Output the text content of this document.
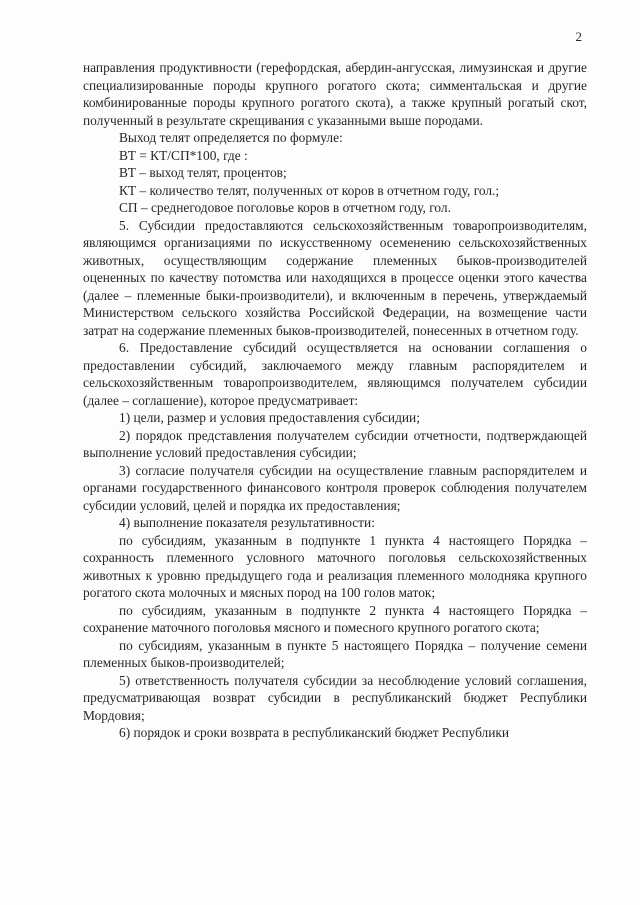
2

направления продуктивности (герефордская, абердин-ангусская, лимузинская и другие специализированные породы крупного рогатого скота; симментальская и другие комбинированные породы крупного рогатого скота), а также крупный рогатый скот, полученный в результате скрещивания с указанными выше породами.

Выход телят определяется по формуле:

ВТ = КТ/СП*100, где :

ВТ – выход телят, процентов;

КТ – количество телят, полученных от коров в отчетном году, гол.;

СП – среднегодовое поголовье коров в отчетном году, гол.

5. Субсидии предоставляются сельскохозяйственным товаропроизводителям, являющимся организациями по искусственному осеменению сельскохозяйственных животных, осуществляющим содержание племенных быков-производителей оцененных по качеству потомства или находящихся в процессе оценки этого качества (далее – племенные быки-производители), и включенным в перечень, утверждаемый Министерством сельского хозяйства Российской Федерации, на возмещение части затрат на содержание племенных быков-производителей, понесенных в отчетном году.

6. Предоставление субсидий осуществляется на основании соглашения о предоставлении субсидий, заключаемого между главным распорядителем и сельскохозяйственным товаропроизводителем, являющимся получателем субсидии (далее – соглашение), которое предусматривает:

1) цели, размер и условия предоставления субсидии;

2) порядок представления получателем субсидии отчетности, подтверждающей выполнение условий предоставления субсидии;

3) согласие получателя субсидии на осуществление главным распорядителем и органами государственного финансового контроля проверок соблюдения получателем субсидии условий, целей и порядка их предоставления;

4) выполнение показателя результативности:

по субсидиям, указанным в подпункте 1 пункта 4 настоящего Порядка – сохранность племенного условного маточного поголовья сельскохозяйственных животных к уровню предыдущего года и реализация племенного молодняка крупного рогатого скота молочных и мясных пород на 100 голов маток;

по субсидиям, указанным в подпункте 2 пункта 4 настоящего Порядка – сохранение маточного поголовья мясного и помесного крупного рогатого скота;

по субсидиям, указанным в пункте 5 настоящего Порядка – получение семени племенных быков-производителей;

5) ответственность получателя субсидии за несоблюдение условий соглашения, предусматривающая возврат субсидии в республиканский бюджет Республики Мордовия;

6) порядок и сроки возврата в республиканский бюджет Республики
